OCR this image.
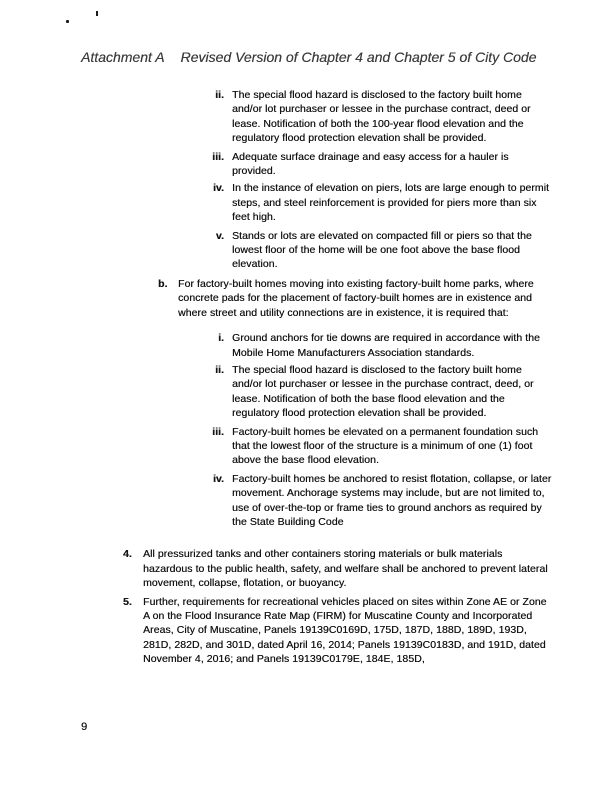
Attachment A Revised Version of Chapter 4 and Chapter 5 of City Code
ii. The special flood hazard is disclosed to the factory built home and/or lot purchaser or lessee in the purchase contract, deed or lease. Notification of both the 100-year flood elevation and the regulatory flood protection elevation shall be provided.
iii. Adequate surface drainage and easy access for a hauler is provided.
iv. In the instance of elevation on piers, lots are large enough to permit steps, and steel reinforcement is provided for piers more than six feet high.
v. Stands or lots are elevated on compacted fill or piers so that the lowest floor of the home will be one foot above the base flood elevation.
b.	For factory-built homes moving into existing factory-built home parks, where concrete pads for the placement of factory-built homes are in existence and where street and utility connections are in existence, it is required that:
i. Ground anchors for tie downs are required in accordance with the Mobile Home Manufacturers Association standards.
ii. The special flood hazard is disclosed to the factory built home and/or lot purchaser or lessee in the purchase contract, deed, or lease. Notification of both the base flood elevation and the regulatory flood protection elevation shall be provided.
iii. Factory-built homes be elevated on a permanent foundation such that the lowest floor of the structure is a minimum of one (1) foot above the base flood elevation.
iv. Factory-built homes be anchored to resist flotation, collapse, or later movement. Anchorage systems may include, but are not limited to, use of over-the-top or frame ties to ground anchors as required by the State Building Code
4.	All pressurized tanks and other containers storing materials or bulk materials hazardous to the public health, safety, and welfare shall be anchored to prevent lateral movement, collapse, flotation, or buoyancy.
5.	Further, requirements for recreational vehicles placed on sites within Zone AE or Zone A on the Flood Insurance Rate Map (FIRM) for Muscatine County and Incorporated Areas, City of Muscatine, Panels 19139C0169D, 175D, 187D, 188D, 189D, 193D, 281D, 282D, and 301D, dated April 16, 2014; Panels 19139C0183D, and 191D, dated November 4, 2016; and Panels 19139C0179E, 184E, 185D,
9
